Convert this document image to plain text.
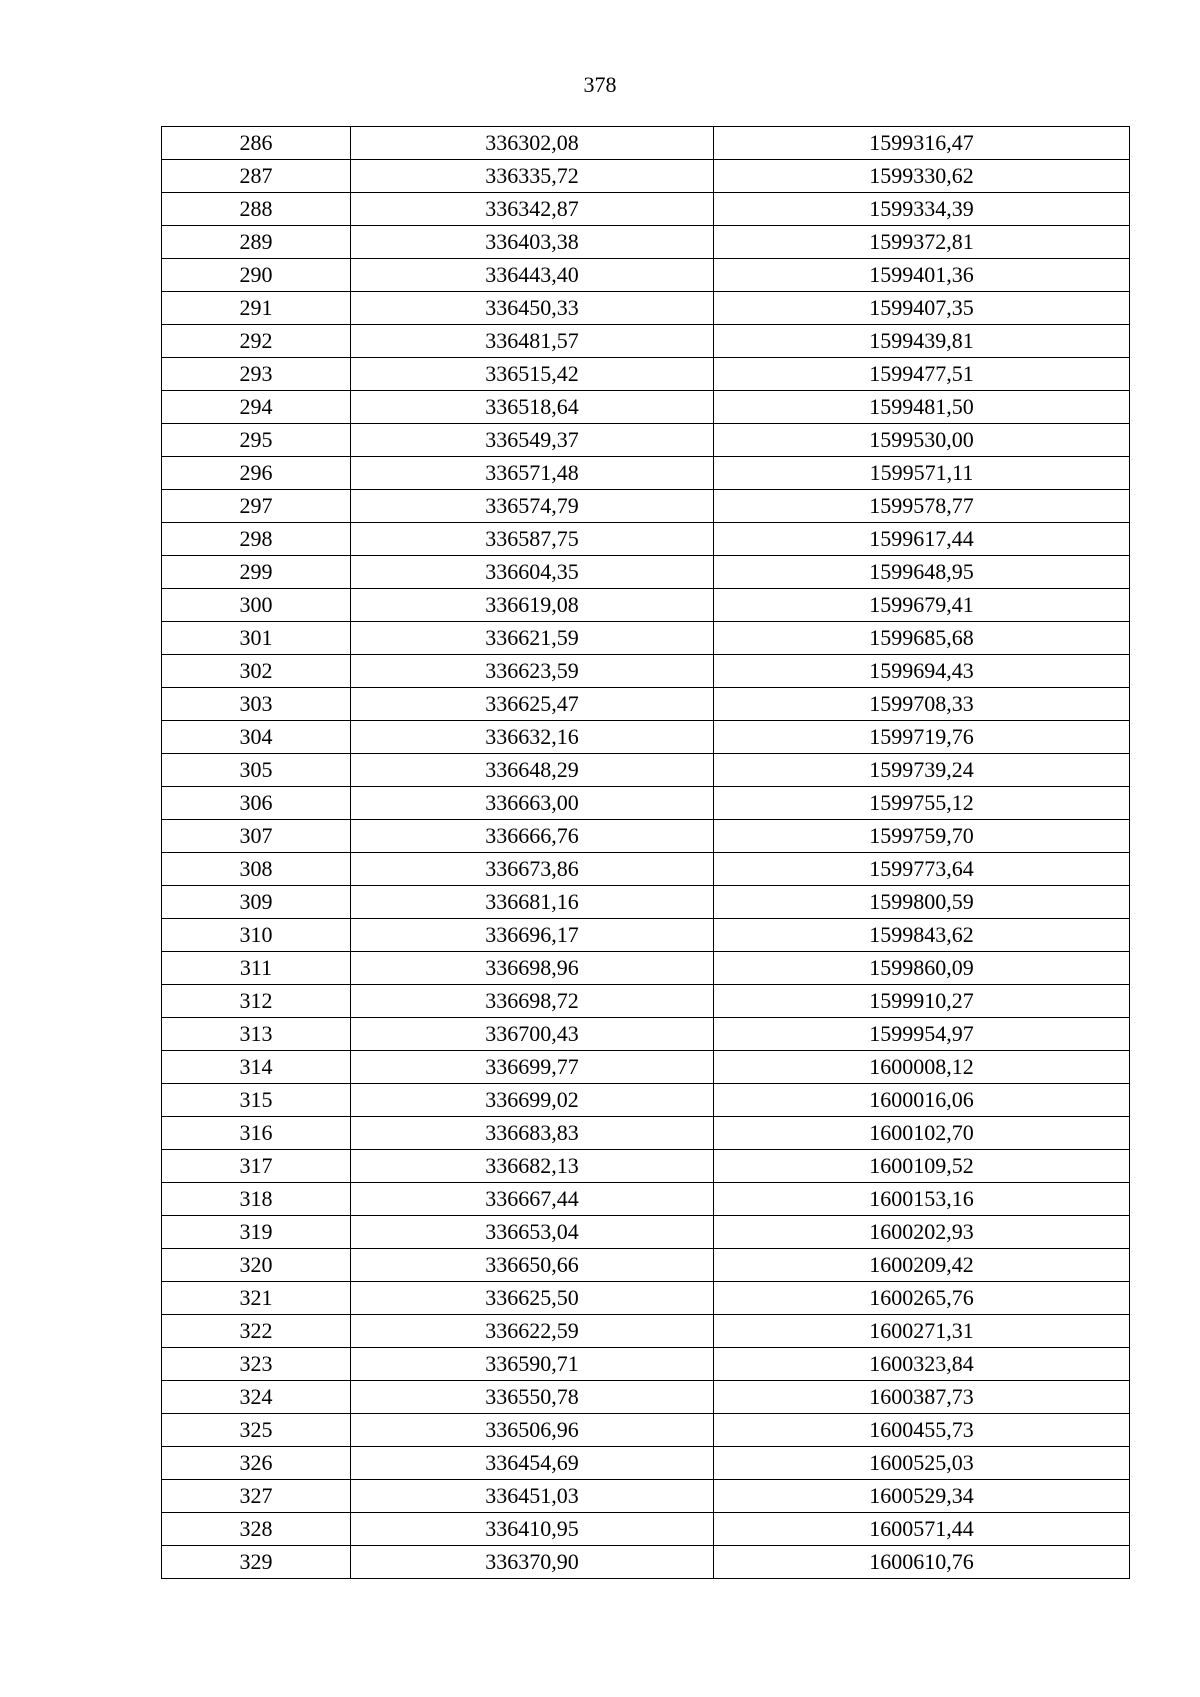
378
286	336302,08	1599316,47
287	336335,72	1599330,62
288	336342,87	1599334,39
289	336403,38	1599372,81
290	336443,40	1599401,36
291	336450,33	1599407,35
292	336481,57	1599439,81
293	336515,42	1599477,51
294	336518,64	1599481,50
295	336549,37	1599530,00
296	336571,48	1599571,11
297	336574,79	1599578,77
298	336587,75	1599617,44
299	336604,35	1599648,95
300	336619,08	1599679,41
301	336621,59	1599685,68
302	336623,59	1599694,43
303	336625,47	1599708,33
304	336632,16	1599719,76
305	336648,29	1599739,24
306	336663,00	1599755,12
307	336666,76	1599759,70
308	336673,86	1599773,64
309	336681,16	1599800,59
310	336696,17	1599843,62
311	336698,96	1599860,09
312	336698,72	1599910,27
313	336700,43	1599954,97
314	336699,77	1600008,12
315	336699,02	1600016,06
316	336683,83	1600102,70
317	336682,13	1600109,52
318	336667,44	1600153,16
319	336653,04	1600202,93
320	336650,66	1600209,42
321	336625,50	1600265,76
322	336622,59	1600271,31
323	336590,71	1600323,84
324	336550,78	1600387,73
325	336506,96	1600455,73
326	336454,69	1600525,03
327	336451,03	1600529,34
328	336410,95	1600571,44
329	336370,90	1600610,76
